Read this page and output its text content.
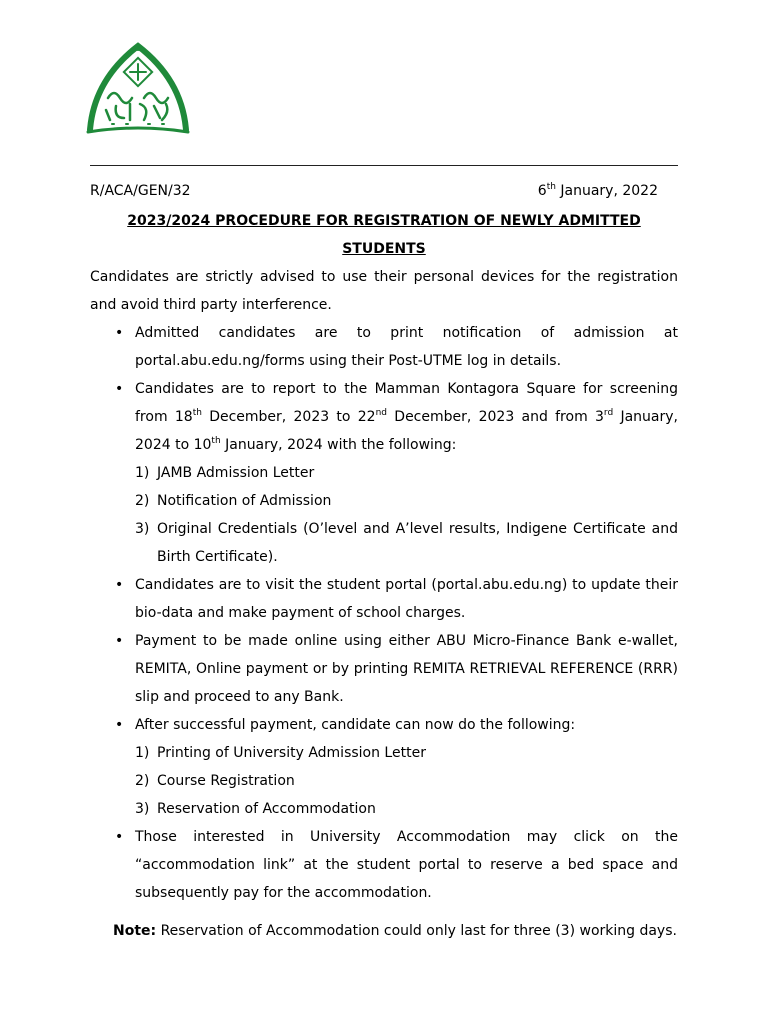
R/ACA/GEN/32	6th January, 2022
2023/2024 PROCEDURE FOR REGISTRATION OF NEWLY ADMITTED
STUDENTS

Candidates are strictly advised to use their personal devices for the registration and avoid third party interference.

• Admitted candidates are to print notification of admission at
portal.abu.edu.ng/forms using their Post-UTME log in details.
• Candidates are to report to the Mamman Kontagora Square for screening from 18th December, 2023 to 22nd December, 2023 and from 3rd January, 2024 to 10th January, 2024 with the following:
1) JAMB Admission Letter
2) Notification of Admission
3) Original Credentials (O’level and A’level results, Indigene Certificate and Birth Certificate).
• Candidates are to visit the student portal (portal.abu.edu.ng) to update their bio-data and make payment of school charges.
• Payment to be made online using either ABU Micro-Finance Bank e-wallet, REMITA, Online payment or by printing REMITA RETRIEVAL REFERENCE (RRR) slip and proceed to any Bank.
• After successful payment, candidate can now do the following:
1) Printing of University Admission Letter
2) Course Registration
3) Reservation of Accommodation
• Those interested in University Accommodation may click on the “accommodation link” at the student portal to reserve a bed space and subsequently pay for the accommodation.
Note: Reservation of Accommodation could only last for three (3) working days.
